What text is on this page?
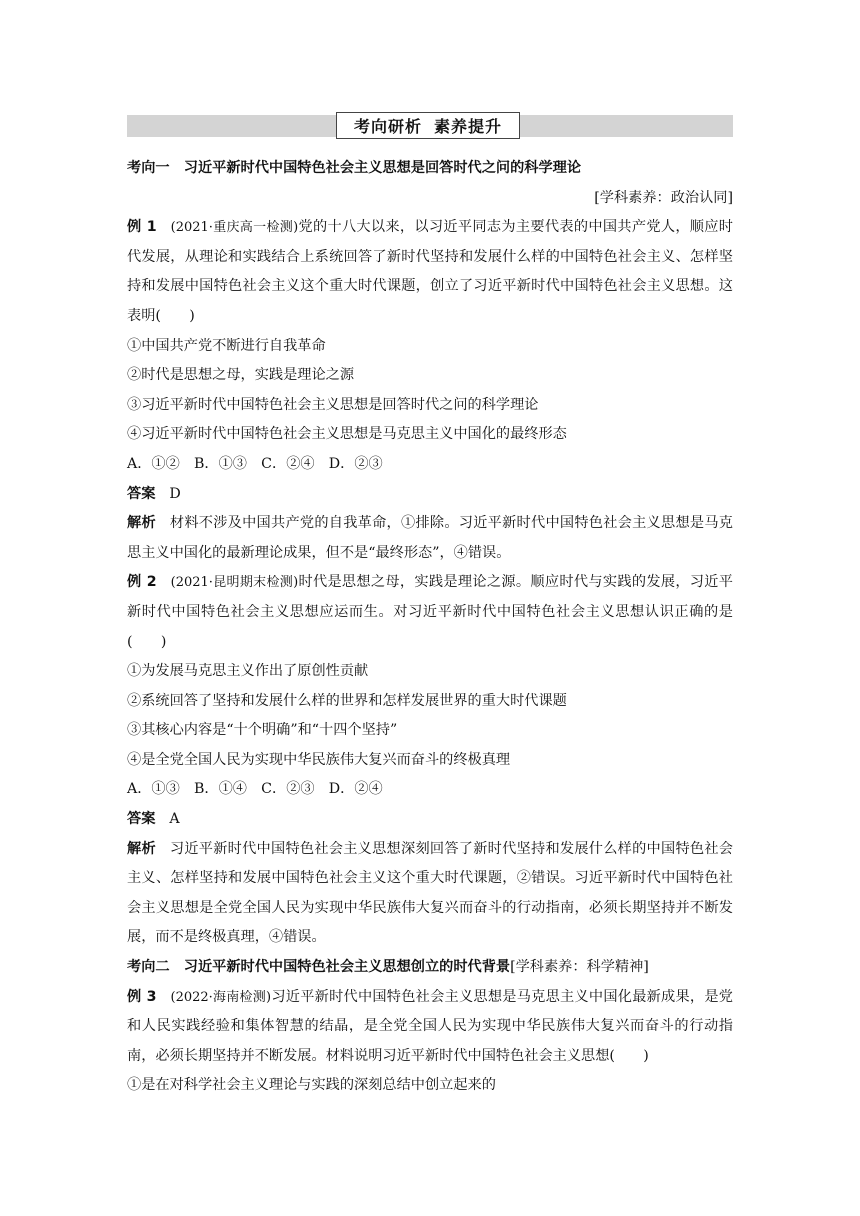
考向研析 素养提升
考向一　习近平新时代中国特色社会主义思想是回答时代之问的科学理论
[学科素养：政治认同]
例 1 (2021·重庆高一检测)党的十八大以来，以习近平同志为主要代表的中国共产党人，顺应时代发展，从理论和实践结合上系统回答了新时代坚持和发展什么样的中国特色社会主义、怎样坚持和发展中国特色社会主义这个重大时代课题，创立了习近平新时代中国特色社会主义思想。这表明(　　)
①中国共产党不断进行自我革命
②时代是思想之母，实践是理论之源
③习近平新时代中国特色社会主义思想是回答时代之问的科学理论
④习近平新时代中国特色社会主义思想是马克思主义中国化的最终形态
A．①②　B．①③　C．②④　D．②③
答案 D
解析 材料不涉及中国共产党的自我革命，①排除。习近平新时代中国特色社会主义思想是马克思主义中国化的最新理论成果，但不是“最终形态”，④错误。
例 2 (2021·昆明期末检测)时代是思想之母，实践是理论之源。顺应时代与实践的发展，习近平新时代中国特色社会主义思想应运而生。对习近平新时代中国特色社会主义思想认识正确的是(　　)
①为发展马克思主义作出了原创性贡献
②系统回答了坚持和发展什么样的世界和怎样发展世界的重大时代课题
③其核心内容是“十个明确”和“十四个坚持”
④是全党全国人民为实现中华民族伟大复兴而奋斗的终极真理
A．①③　B．①④　C．②③　D．②④
答案 A
解析 习近平新时代中国特色社会主义思想深刻回答了新时代坚持和发展什么样的中国特色社会主义、怎样坚持和发展中国特色社会主义这个重大时代课题，②错误。习近平新时代中国特色社会主义思想是全党全国人民为实现中华民族伟大复兴而奋斗的行动指南，必须长期坚持并不断发展，而不是终极真理，④错误。
考向二　习近平新时代中国特色社会主义思想创立的时代背景[学科素养：科学精神]
例 3 (2022·海南检测)习近平新时代中国特色社会主义思想是马克思主义中国化最新成果，是党和人民实践经验和集体智慧的结晶，是全党全国人民为实现中华民族伟大复兴而奋斗的行动指南，必须长期坚持并不断发展。材料说明习近平新时代中国特色社会主义思想(　　)
①是在对科学社会主义理论与实践的深刻总结中创立起来的
